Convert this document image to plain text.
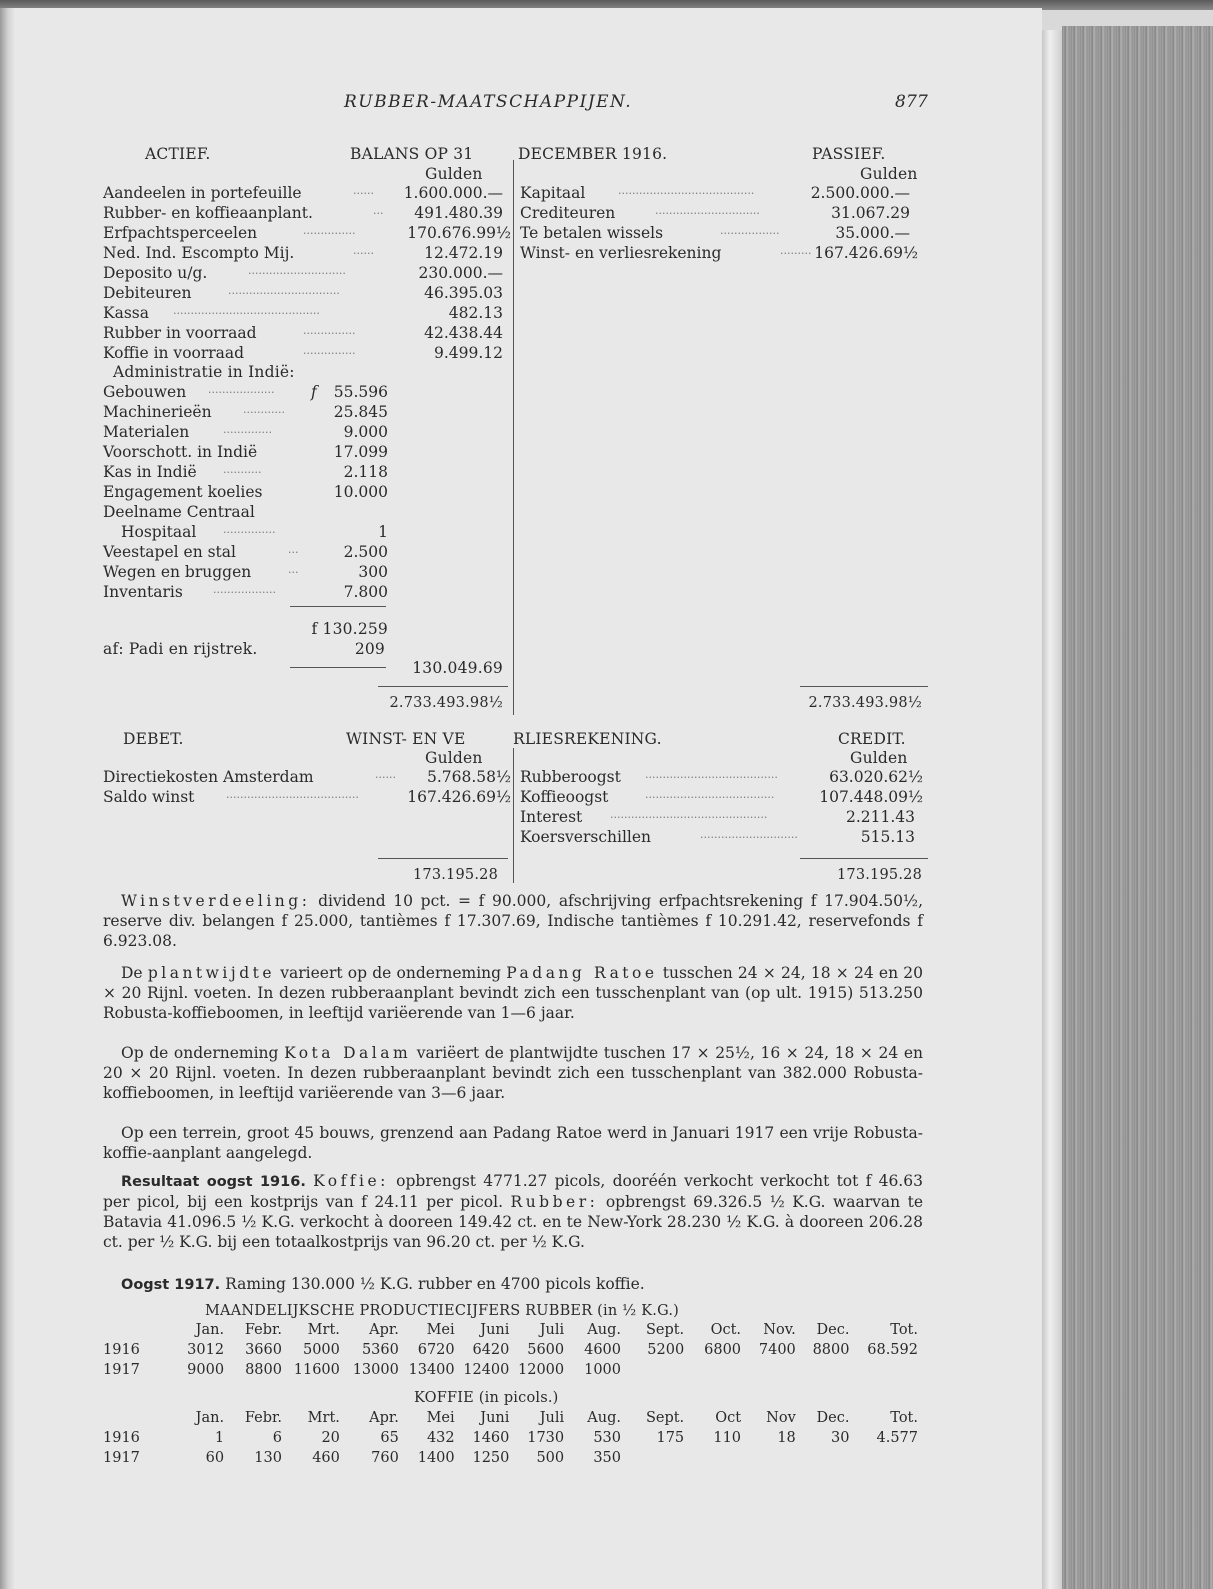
RUBBER-MAATSCHAPPIJEN.	877
ACTIEF.	BALANS OP 31	DECEMBER 1916.	PASSIEF.
Gulden	Gulden
Aandeelen in portefeuille	...... 1.600.000.—
Rubber- en koffieaanplant.	... 491.480.39
Erfpachtsperceelen	...............	170.676.99½
Ned. Ind. Escompto Mij.	......	12.472.19
Deposito u/g.	............................	230.000.—
Debiteuren	................................	46.395.03
Kassa ..........................................	482.13
Rubber in voorraad	...............	42.438.44
Koffie in voorraad	...............	9.499.12
Administratie in Indië:
Gebouwen ................... f 55.596
Machinerieën	............	25.845
Materialen	..............	9.000
Voorschott. in Indië	17.099
Kas in Indië ...........	2.118
Engagement koelies	10.000
Deelname Centraal
Hospitaal ...............	1
Veestapel en stal	...	2.500
Wegen en bruggen	...	300
Inventaris	..................	7.800
f 130.259
af: Padi en rijstrek.	209
130.049.69
2.733.493.98½
Kapitaal	.......................................	2.500.000.—
Crediteuren	..............................	31.067.29
Te betalen wissels	.................	35.000.—
Winst- en verliesrekening	......... 167.426.69½
2.733.493.98½
DEBET.	WINST- EN VE	RLIESREKENING.	CREDIT.
Gulden	Gulden
Directiekosten Amsterdam	...... 5.768.58½
Saldo winst	......................................	167.426.69½
Rubberoogst ......................................	63.020.62½
Koffieoogst	.....................................	107.448.09½
Interest	.............................................	2.211.43
Koersverschillen	............................	515.13
173.195.28	173.195.28
Winstverdeeling: dividend 10 pct. = f 90.000, afschrijving erfpachtsrekening f 17.904.50½, reserve div. belangen f 25.000, tantièmes f 17.307.69, Indische tantièmes f 10.291.42, reservefonds f 6.923.08.
De plantwijdte varieert op de onderneming Padang Ratoe tusschen 24 × 24, 18 × 24 en 20 × 20 Rijnl. voeten. In dezen rubberaanplant bevindt zich een tusschenplant van (op ult. 1915) 513.250 Robusta-koffieboomen, in leeftijd variëerende van 1—6 jaar.
Op de onderneming Kota Dalam variëert de plantwijdte tuschen 17 × 25½, 16 × 24, 18 × 24 en 20 × 20 Rijnl. voeten. In dezen rubberaanplant bevindt zich een tusschenplant van 382.000 Robusta-koffieboomen, in leeftijd variëerende van 3—6 jaar.
Op een terrein, groot 45 bouws, grenzend aan Padang Ratoe werd in Januari 1917 een vrije Robusta-koffie-aanplant aangelegd.
Resultaat oogst 1916. Koffie: opbrengst 4771.27 picols, dooréén verkocht verkocht tot f 46.63 per picol, bij een kostprijs van f 24.11 per picol. Rubber: opbrengst 69.326.5 ½ K.G. waarvan te Batavia 41.096.5 ½ K.G. verkocht à dooreen 149.42 ct. en te New-York 28.230 ½ K.G. à dooreen 206.28 ct. per ½ K.G. bij een totaalkostprijs van 96.20 ct. per ½ K.G.
Oogst 1917. Raming 130.000 ½ K.G. rubber en 4700 picols koffie.
MAANDELIJKSCHE PRODUCTIECIJFERS RUBBER (in ½ K.G.)
	Jan.	Febr.	Mrt.	Apr.	Mei	Juni	Juli	Aug.	Sept.	Oct.	Nov.	Dec.	Tot.
1916	3012	3660	5000	5360	6720	6420	5600	4600	5200	6800	7400	8800	68.592
1917	9000	8800	11600	13000	13400	12400	12000	1000					
KOFFIE (in picols.)
	Jan.	Febr.	Mrt.	Apr.	Mei	Juni	Juli	Aug.	Sept.	Oct	Nov	Dec.	Tot.
1916	1	6	20	65	432	1460	1730	530	175	110	18	30	4.577
1917	60	130	460	760	1400	1250	500	350					
